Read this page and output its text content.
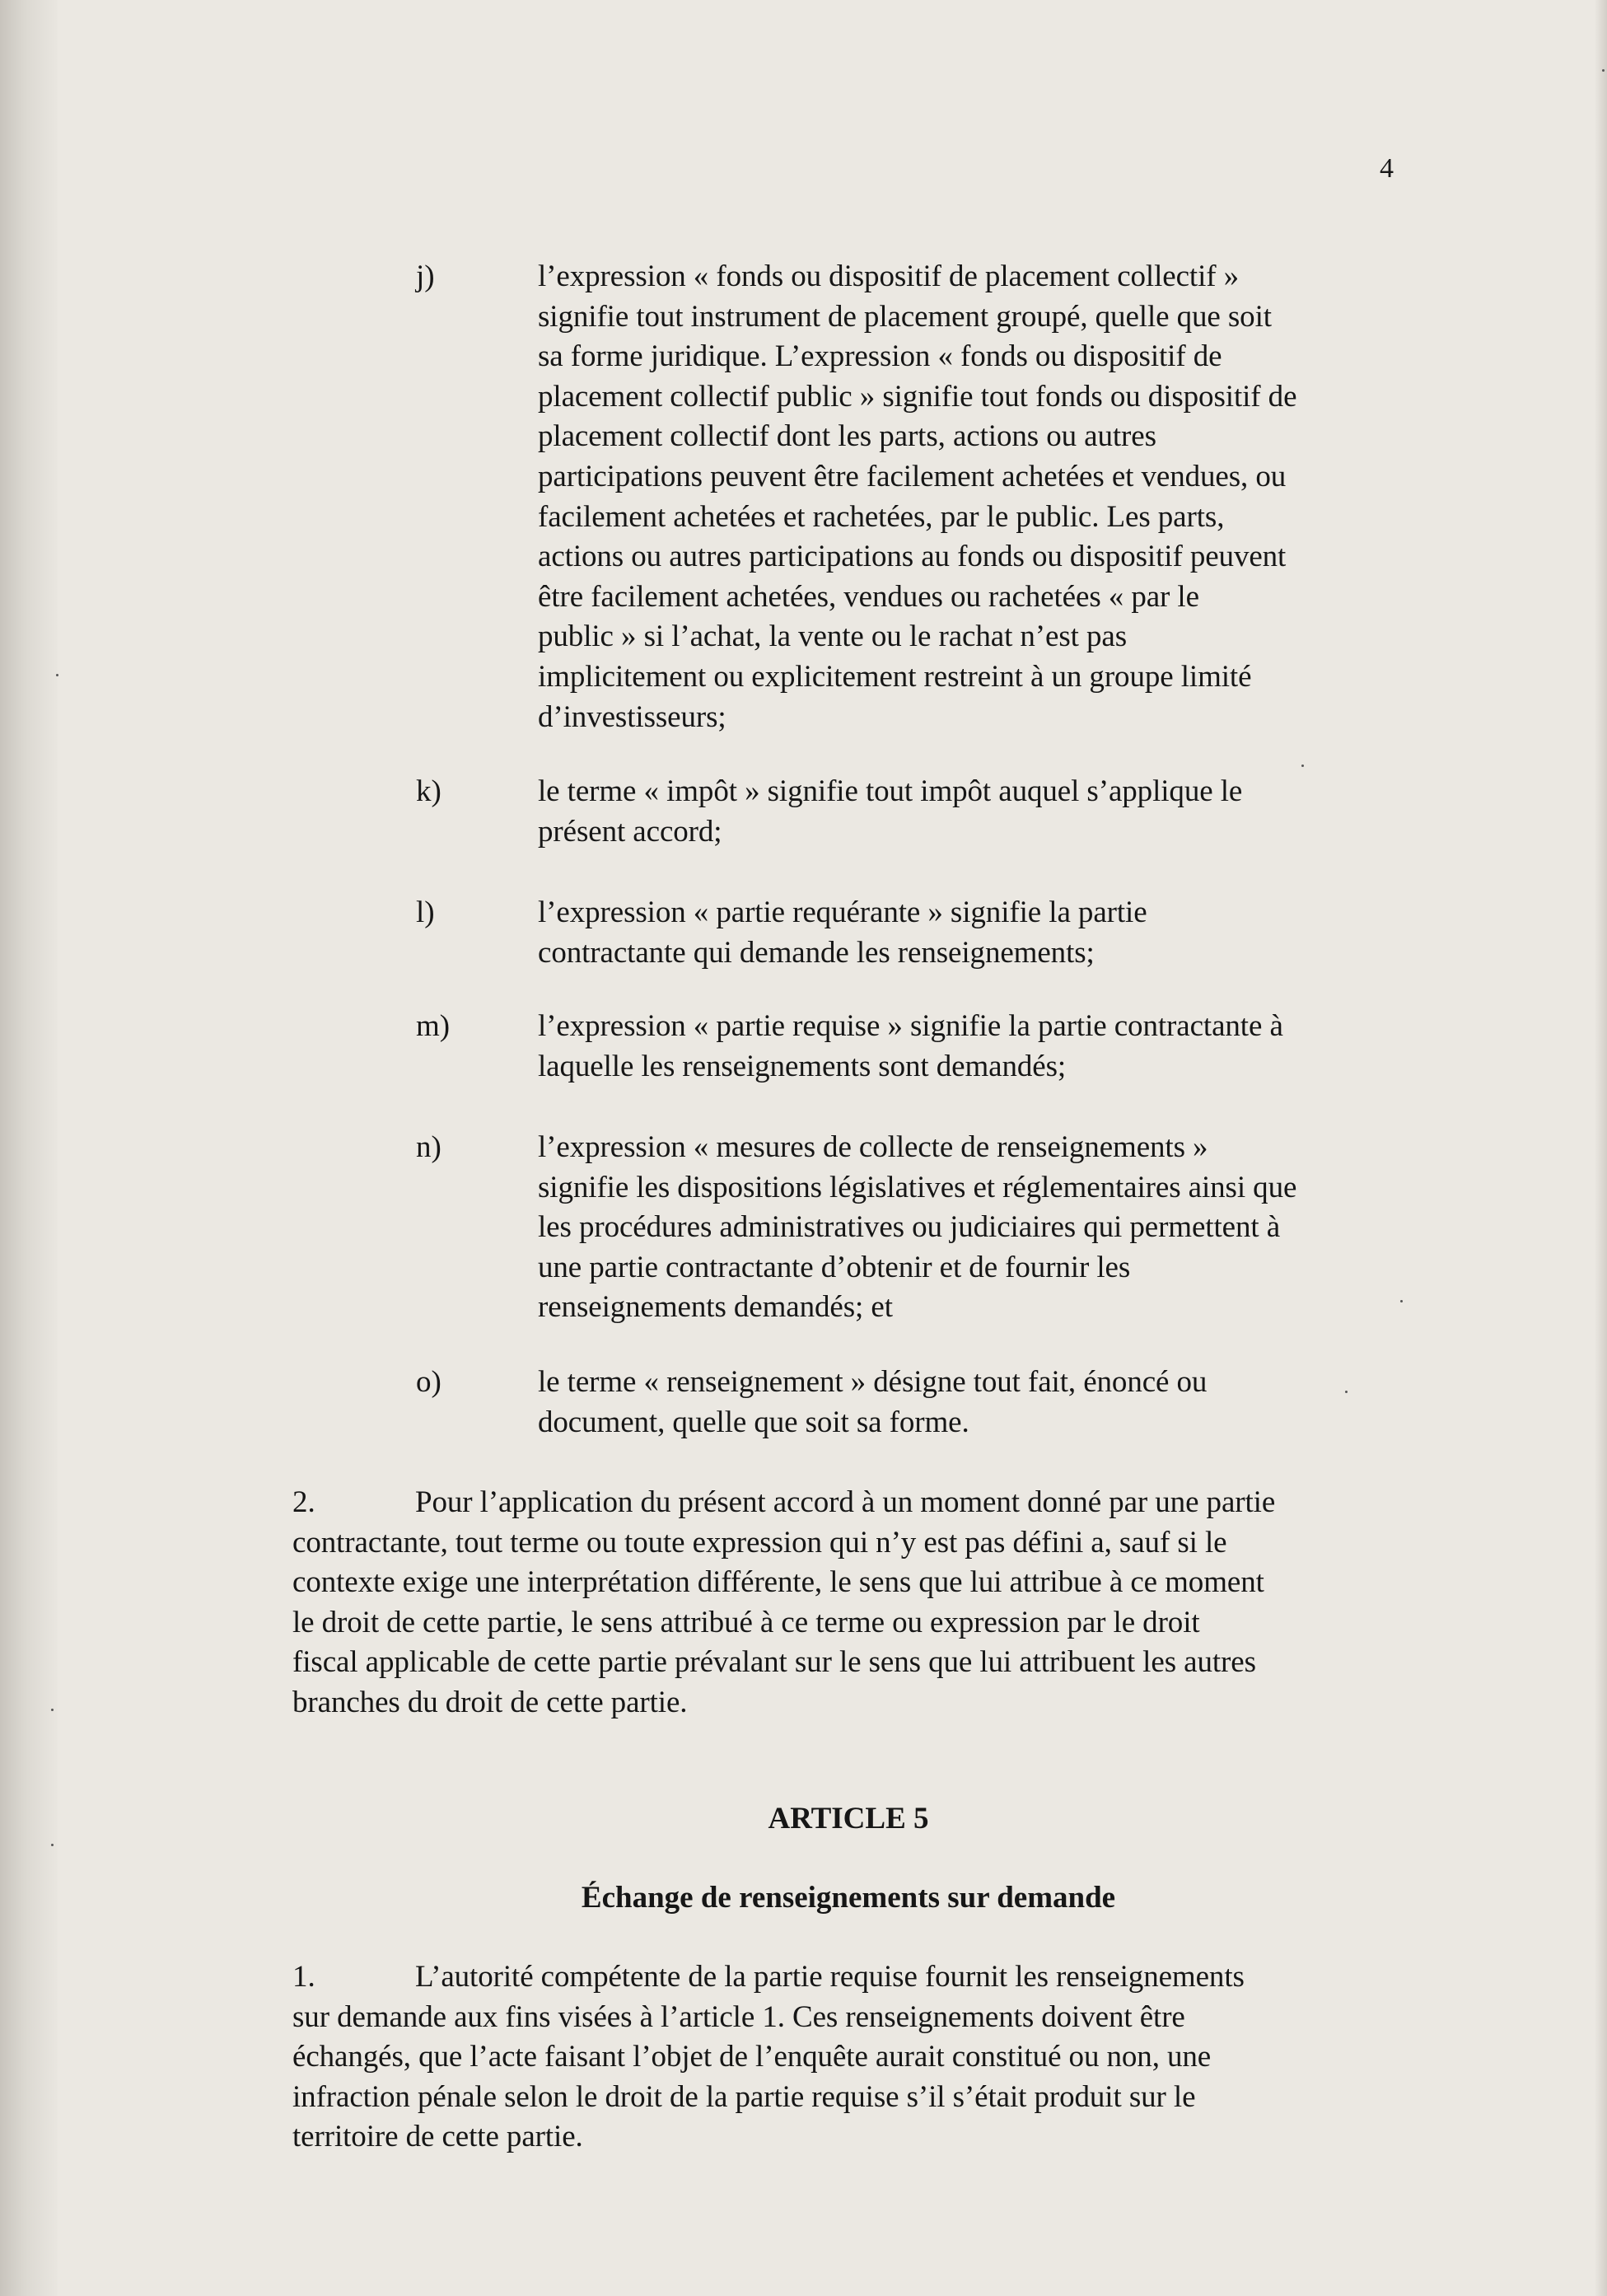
4
j)	l’expression « fonds ou dispositif de placement collectif »
signifie tout instrument de placement groupé, quelle que soit
sa forme juridique. L’expression « fonds ou dispositif de
placement collectif public » signifie tout fonds ou dispositif de
placement collectif dont les parts, actions ou autres
participations peuvent être facilement achetées et vendues, ou
facilement achetées et rachetées, par le public. Les parts,
actions ou autres participations au fonds ou dispositif peuvent
être facilement achetées, vendues ou rachetées « par le
public » si l’achat, la vente ou le rachat n’est pas
implicitement ou explicitement restreint à un groupe limité
d’investisseurs;
k)	le terme « impôt » signifie tout impôt auquel s’applique le
présent accord;
l)	l’expression « partie requérante » signifie la partie
contractante qui demande les renseignements;
m)	l’expression « partie requise » signifie la partie contractante à
laquelle les renseignements sont demandés;
n)	l’expression « mesures de collecte de renseignements »
signifie les dispositions législatives et réglementaires ainsi que
les procédures administratives ou judiciaires qui permettent à
une partie contractante d’obtenir et de fournir les
renseignements demandés; et
o)	le terme « renseignement » désigne tout fait, énoncé ou
document, quelle que soit sa forme.
2.	Pour l’application du présent accord à un moment donné par une partie
contractante, tout terme ou toute expression qui n’y est pas défini a, sauf si le
contexte exige une interprétation différente, le sens que lui attribue à ce moment
le droit de cette partie, le sens attribué à ce terme ou expression par le droit
fiscal applicable de cette partie prévalant sur le sens que lui attribuent les autres
branches du droit de cette partie.
ARTICLE 5
Échange de renseignements sur demande
1.	L’autorité compétente de la partie requise fournit les renseignements
sur demande aux fins visées à l’article 1. Ces renseignements doivent être
échangés, que l’acte faisant l’objet de l’enquête aurait constitué ou non, une
infraction pénale selon le droit de la partie requise s’il s’était produit sur le
territoire de cette partie.
